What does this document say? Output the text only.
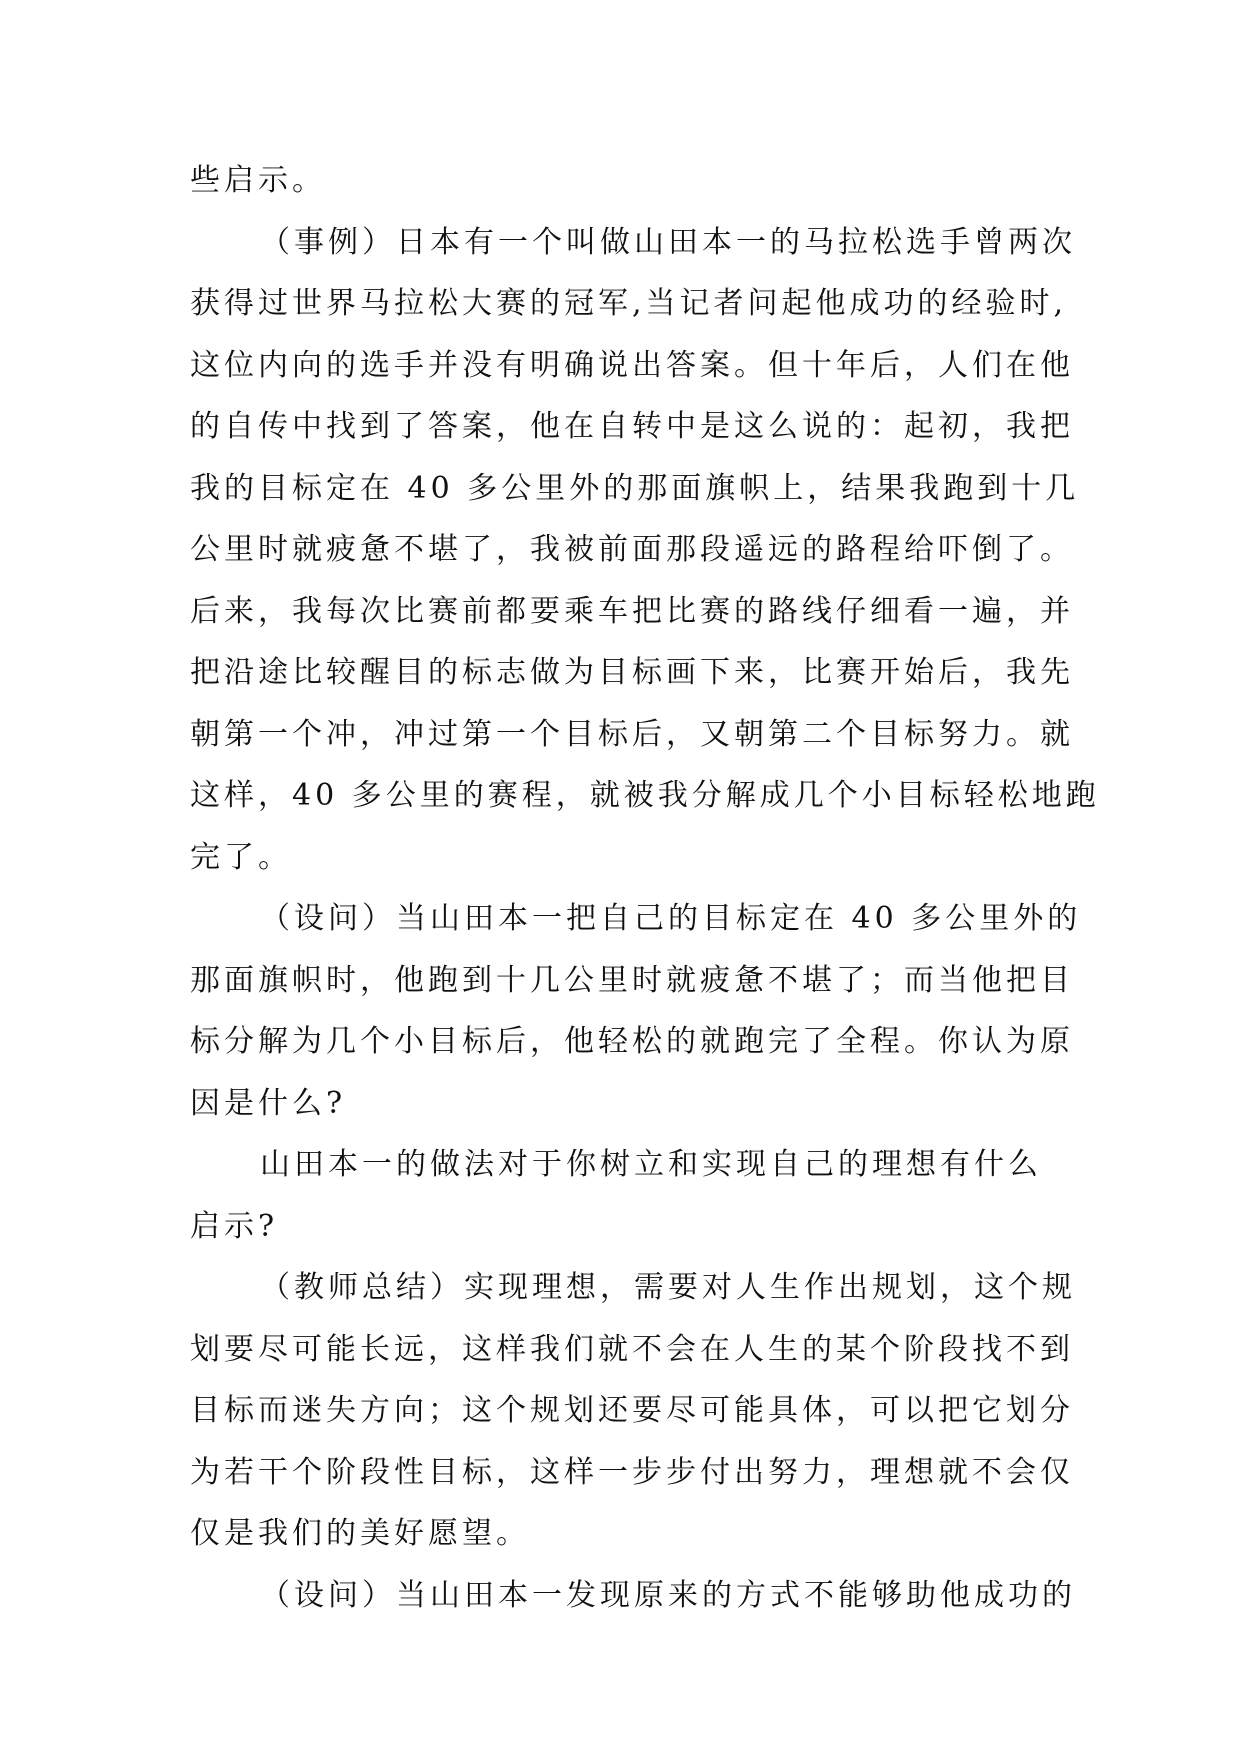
些启示。
（事例）日本有一个叫做山田本一的马拉松选手曾两次
获得过世界马拉松大赛的冠军,当记者问起他成功的经验时,
这位内向的选手并没有明确说出答案。但十年后，人们在他
的自传中找到了答案，他在自转中是这么说的：起初，我把
我的目标定在 40 多公里外的那面旗帜上，结果我跑到十几
公里时就疲惫不堪了，我被前面那段遥远的路程给吓倒了。
后来，我每次比赛前都要乘车把比赛的路线仔细看一遍，并
把沿途比较醒目的标志做为目标画下来，比赛开始后，我先
朝第一个冲，冲过第一个目标后，又朝第二个目标努力。就
这样，40 多公里的赛程，就被我分解成几个小目标轻松地跑
完了。
（设问）当山田本一把自己的目标定在 40 多公里外的
那面旗帜时，他跑到十几公里时就疲惫不堪了；而当他把目
标分解为几个小目标后，他轻松的就跑完了全程。你认为原
因是什么?
山田本一的做法对于你树立和实现自己的理想有什么
启示?
（教师总结）实现理想，需要对人生作出规划，这个规
划要尽可能长远，这样我们就不会在人生的某个阶段找不到
目标而迷失方向；这个规划还要尽可能具体，可以把它划分
为若干个阶段性目标，这样一步步付出努力，理想就不会仅
仅是我们的美好愿望。
（设问）当山田本一发现原来的方式不能够助他成功的
